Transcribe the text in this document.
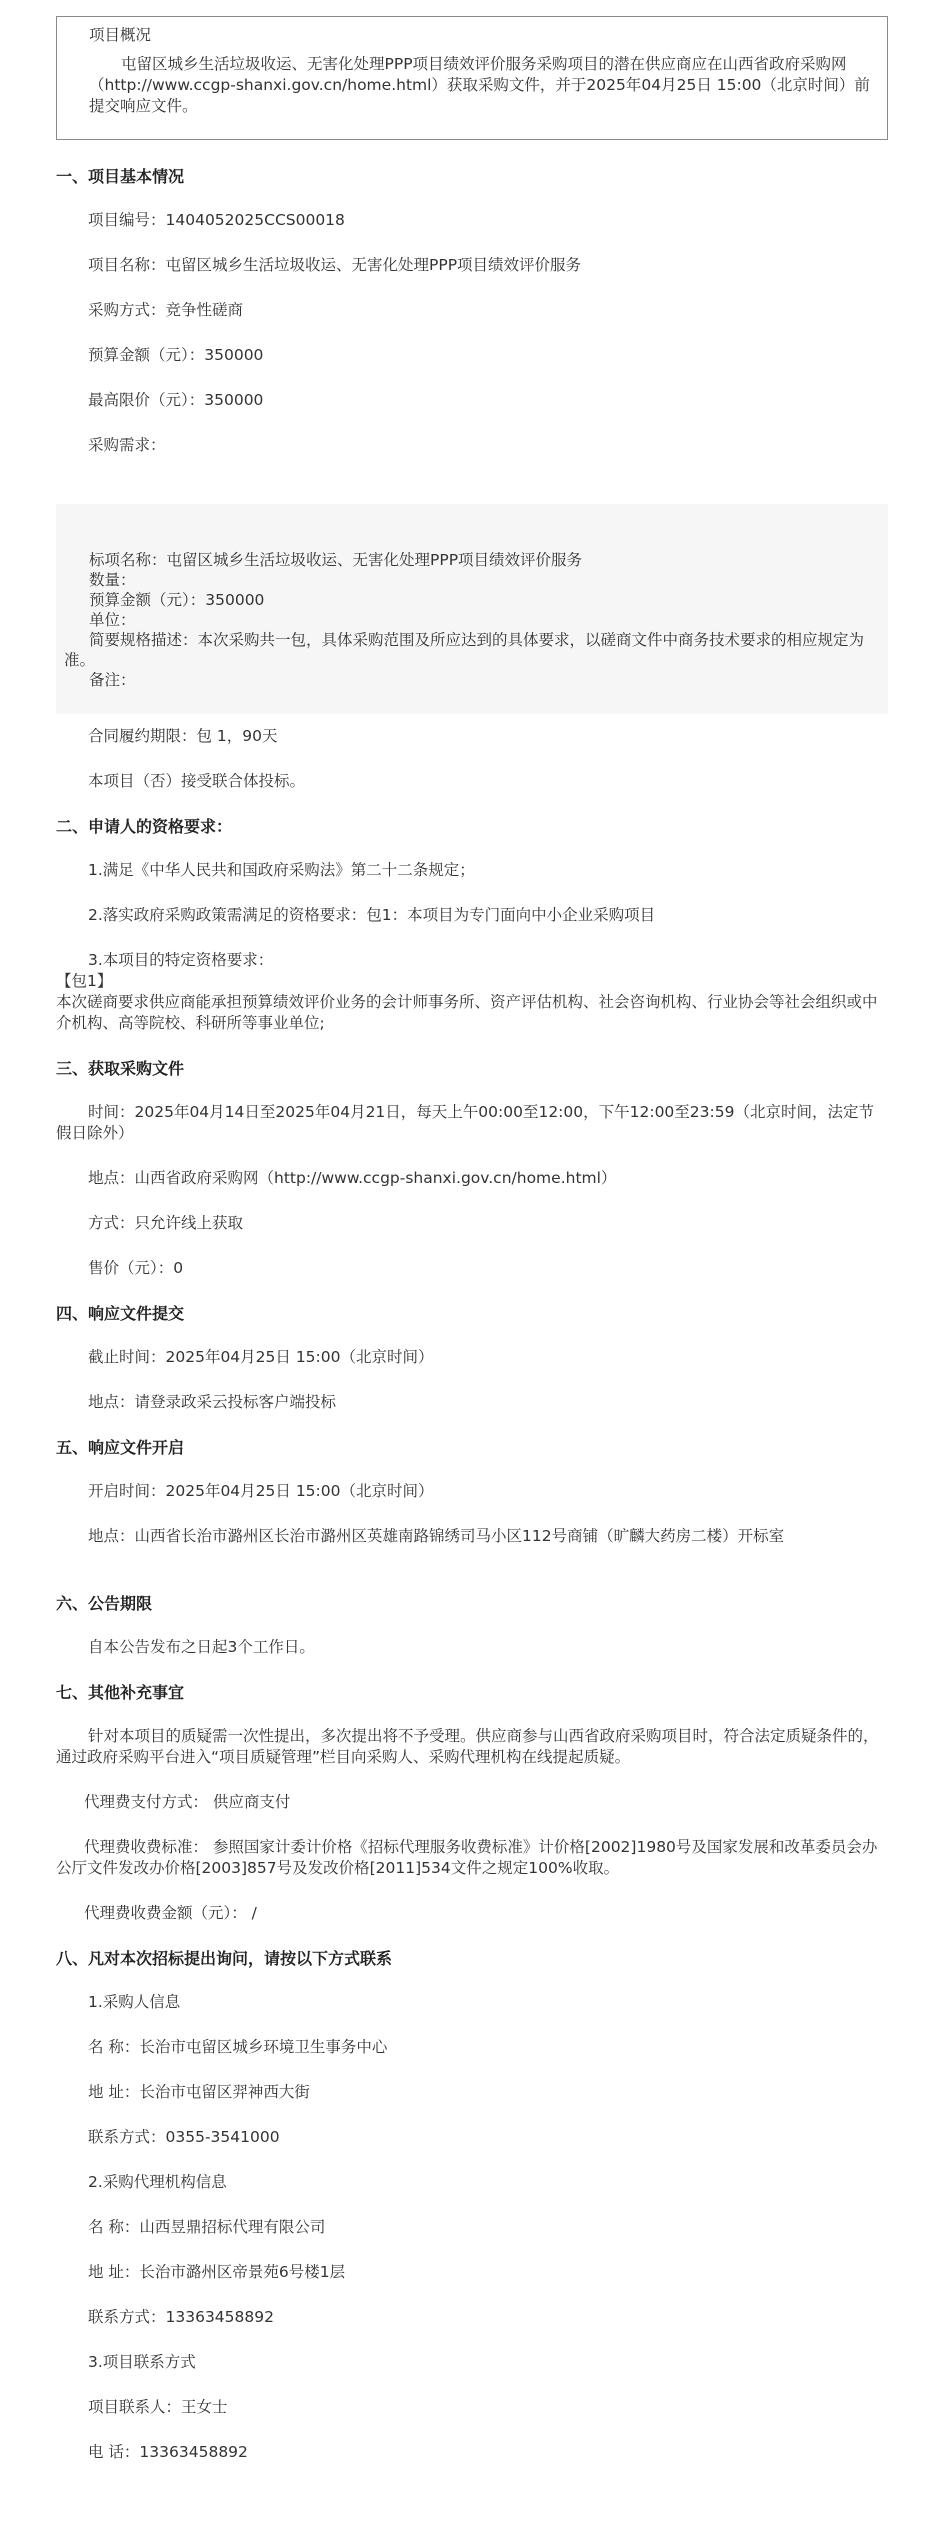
项目概况
屯留区城乡生活垃圾收运、无害化处理PPP项目绩效评价服务采购项目的潜在供应商应在山西省政府采购网（http://www.ccgp-shanxi.gov.cn/home.html）获取采购文件，并于2025年04月25日 15:00（北京时间）前提交响应文件。
一、项目基本情况
项目编号：1404052025CCS00018
项目名称：屯留区城乡生活垃圾收运、无害化处理PPP项目绩效评价服务
采购方式：竞争性磋商
预算金额（元）：350000
最高限价（元）：350000
采购需求：
标项名称：屯留区城乡生活垃圾收运、无害化处理PPP项目绩效评价服务
数量：
预算金额（元）：350000
单位：
简要规格描述：本次采购共一包，具体采购范围及所应达到的具体要求，以磋商文件中商务技术要求的相应规定为准。
备注：
合同履约期限：包 1，90天
本项目（否）接受联合体投标。
二、申请人的资格要求：
1.满足《中华人民共和国政府采购法》第二十二条规定；
2.落实政府采购政策需满足的资格要求：包1：本项目为专门面向中小企业采购项目
3.本项目的特定资格要求：
【包1】
本次磋商要求供应商能承担预算绩效评价业务的会计师事务所、资产评估机构、社会咨询机构、行业协会等社会组织或中介机构、高等院校、科研所等事业单位;
三、获取采购文件
时间：2025年04月14日至2025年04月21日，每天上午00:00至12:00，下午12:00至23:59（北京时间，法定节假日除外）
地点：山西省政府采购网（http://www.ccgp-shanxi.gov.cn/home.html）
方式：只允许线上获取
售价（元）：0
四、响应文件提交
截止时间：2025年04月25日 15:00（北京时间）
地点：请登录政采云投标客户端投标
五、响应文件开启
开启时间：2025年04月25日 15:00（北京时间）
地点：山西省长治市潞州区长治市潞州区英雄南路锦绣司马小区112号商铺（旷麟大药房二楼）开标室
六、公告期限
自本公告发布之日起3个工作日。
七、其他补充事宜
针对本项目的质疑需一次性提出，多次提出将不予受理。供应商参与山西省政府采购项目时，符合法定质疑条件的，通过政府采购平台进入“项目质疑管理”栏目向采购人、采购代理机构在线提起质疑。
代理费支付方式： 供应商支付
代理费收费标准： 参照国家计委计价格《招标代理服务收费标准》计价格[2002]1980号及国家发展和改革委员会办公厅文件发改办价格[2003]857号及发改价格[2011]534文件之规定100%收取。
代理费收费金额（元）： /
八、凡对本次招标提出询问，请按以下方式联系
1.采购人信息
名 称：长治市屯留区城乡环境卫生事务中心
地 址：长治市屯留区羿神西大街
联系方式：0355-3541000
2.采购代理机构信息
名 称：山西昱鼎招标代理有限公司
地 址：长治市潞州区帝景苑6号楼1层
联系方式：13363458892
3.项目联系方式
项目联系人：王女士
电 话：13363458892
